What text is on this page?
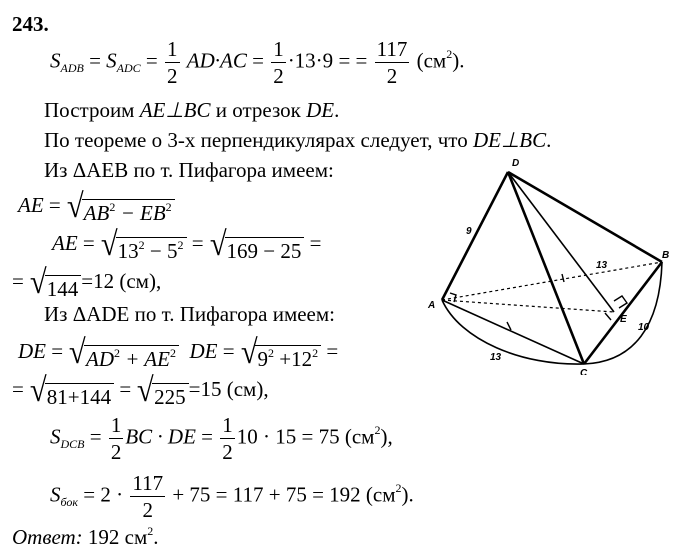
243.
$S_{ADB} = S_{ADC} = \frac{1}{2} AD\cdot AC = \frac{1}{2} \cdot 13\cdot 9$ = = $\frac{117}{2} (см^2)$.
Построим AE⊥BC и отрезок DE.
По теореме о 3-х перпендикулярах следует, что DE⊥BC.
Из ΔAEB по т. Пифагора имеем:
AE = √ $AB^2 - EB^2$
AE = √ $13^2 - 5^2$ = √ 169 − 25 =
= √ 144 =12 (см),
Из ΔADE по т. Пифагора имеем:
DE = √ $AD^2 + AE^2$ DE = √ $9^2 +12^2$ =
= √ 81+144 = √ 225 =15 (см),
$S_{DCB} = \frac{1}{2}$ BC · DE = $\frac{1}{2} 10 \cdot 15 = 75$ $(см^2)$,
$S_{бок} = 2 \cdot \frac{117}{2} + 75 = 117 + 75 = 192$ $(см^2)$.
Ответ: 192 $см^2$.
D
A
B
C
E
9
13
13
10
